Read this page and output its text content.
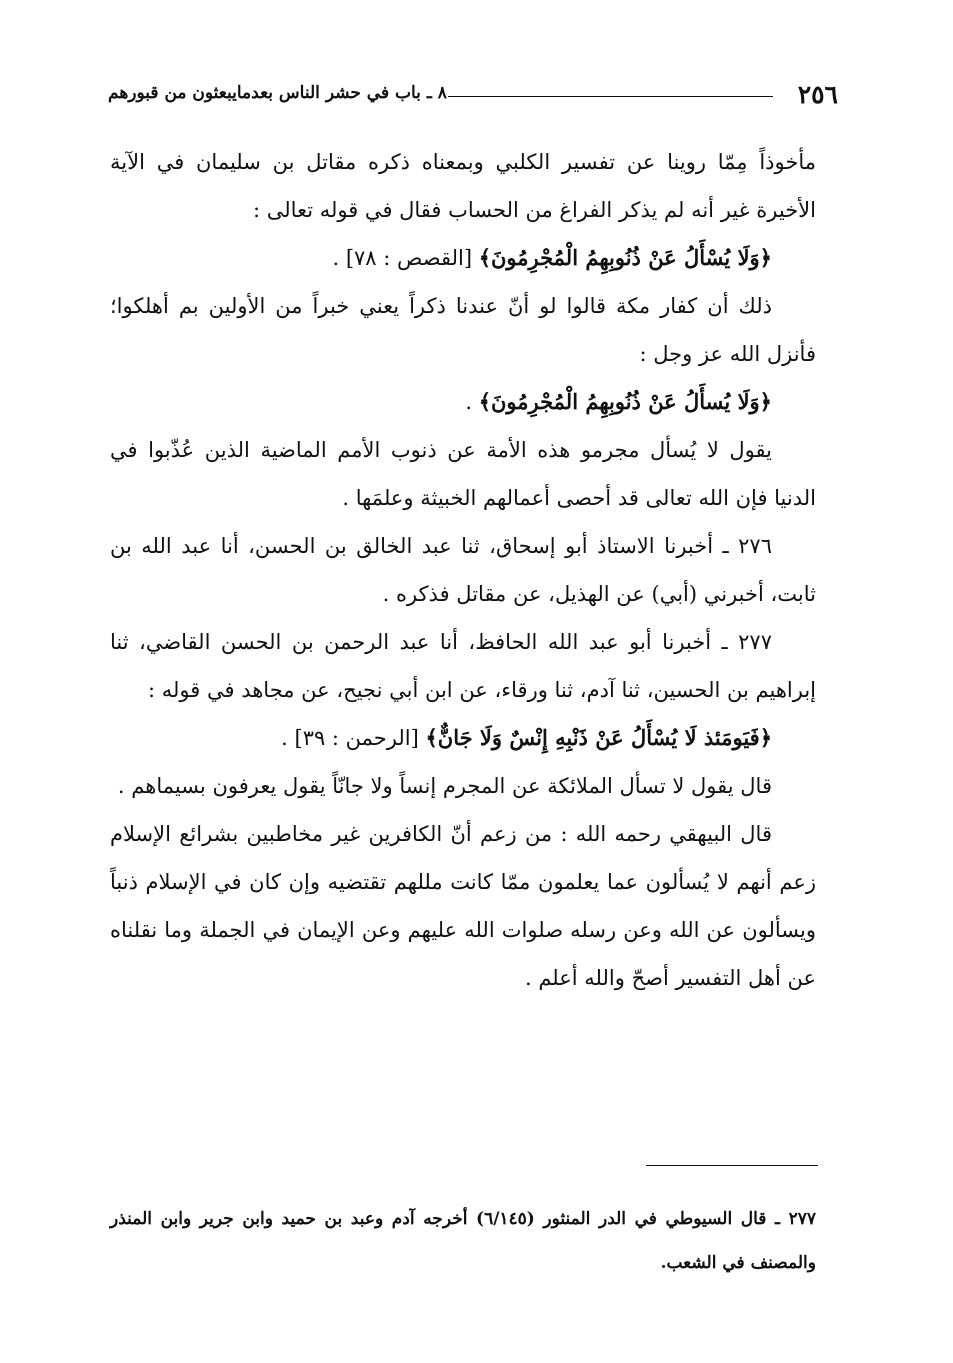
٢٥٦
٨ ـ باب في حشر الناس بعدمايبعثون من قبورهم

مأخوذاً مِمّا روينا عن تفسير الكلبي وبمعناه ذكره مقاتل بن سليمان في الآية الأخيرة غير أنه لم يذكر الفراغ من الحساب فقال في قوله تعالى :

﴿وَلَا يُسْأَلُ عَنْ ذُنُوبِهِمُ الْمُجْرِمُونَ﴾ [القصص : ٧٨] .

ذلك أن كفار مكة قالوا لو أنّ عندنا ذكراً يعني خبراً من الأولين بم أهلكوا؛ فأنزل الله عز وجل :

﴿وَلَا يُسأَلُ عَنْ ذُنُوبِهِمُ الْمُجْرِمُونَ﴾ .

يقول لا يُسأل مجرمو هذه الأمة عن ذنوب الأمم الماضية الذين عُذّبوا في الدنيا فإن الله تعالى قد أحصى أعمالهم الخبيثة وعلمَها .

٢٧٦ ـ أخبرنا الاستاذ أبو إسحاق، ثنا عبد الخالق بن الحسن، أنا عبد الله بن ثابت، أخبرني (أبي) عن الهذيل، عن مقاتل فذكره .

٢٧٧ ـ أخبرنا أبو عبد الله الحافظ، أنا عبد الرحمن بن الحسن القاضي، ثنا إبراهيم بن الحسين، ثنا آدم، ثنا ورقاء، عن ابن أبي نجيح، عن مجاهد في قوله :

﴿فَيَومَئذ لَا يُسْأَلُ عَنْ ذَنْبِهِ إِنْسٌ وَلَا جَانٌّ﴾ [الرحمن : ٣٩] .

قال يقول لا تسأل الملائكة عن المجرم إنساً ولا جانّاً يقول يعرفون بسيماهم .

قال البيهقي رحمه الله : من زعم أنّ الكافرين غير مخاطبين بشرائع الإسلام زعم أنهم لا يُسألون عما يعلمون ممّا كانت مللهم تقتضيه وإن كان في الإسلام ذنباً ويسألون عن الله وعن رسله صلوات الله عليهم وعن الإيمان في الجملة وما نقلناه عن أهل التفسير أصحّ والله أعلم .

٢٧٧ ـ قال السيوطي في الدر المنثور (٦/١٤٥) أخرجه آدم وعبد بن حميد وابن جرير وابن المنذر والمصنف في الشعب.
